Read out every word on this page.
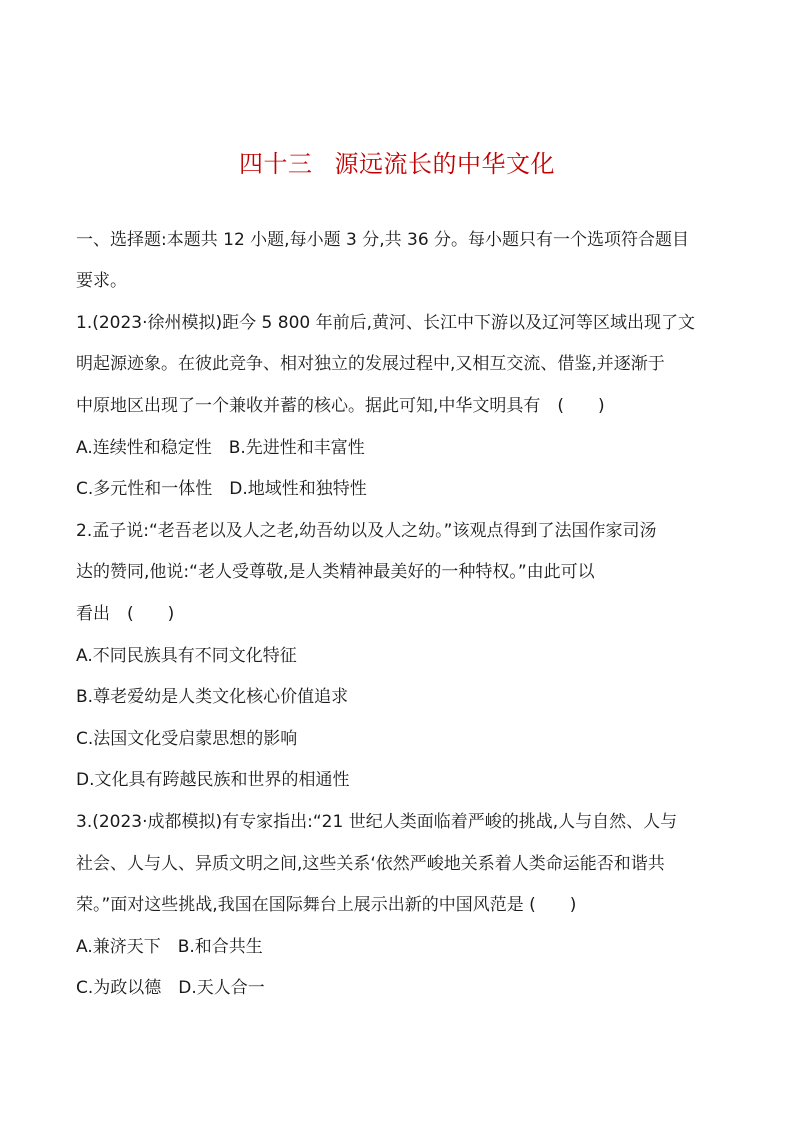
四十三 源远流长的中华文化
一、选择题:本题共 12 小题,每小题 3 分,共 36 分。每小题只有一个选项符合题目
要求。
1.(2023·徐州模拟)距今 5 800 年前后,黄河、长江中下游以及辽河等区域出现了文
明起源迹象。在彼此竞争、相对独立的发展过程中,又相互交流、借鉴,并逐渐于
中原地区出现了一个兼收并蓄的核心。据此可知,中华文明具有　(　　)
A.连续性和稳定性　B.先进性和丰富性
C.多元性和一体性　D.地域性和独特性
2.孟子说:“老吾老以及人之老,幼吾幼以及人之幼。”该观点得到了法国作家司汤
达的赞同,他说:“老人受尊敬,是人类精神最美好的一种特权。”由此可以
看出　(　　)
A.不同民族具有不同文化特征
B.尊老爱幼是人类文化核心价值追求
C.法国文化受启蒙思想的影响
D.文化具有跨越民族和世界的相通性
3.(2023·成都模拟)有专家指出:“21 世纪人类面临着严峻的挑战,人与自然、人与
社会、人与人、异质文明之间,这些关系‘依然严峻地关系着人类命运能否和谐共
荣。”面对这些挑战,我国在国际舞台上展示出新的中国风范是 (　　)
A.兼济天下　B.和合共生
C.为政以德　D.天人合一
